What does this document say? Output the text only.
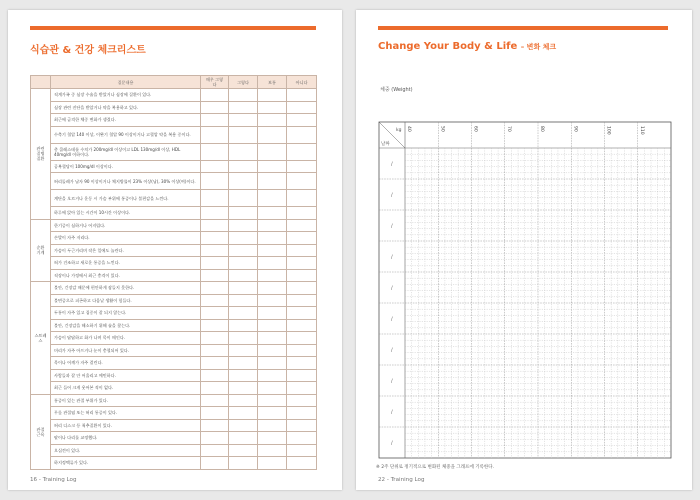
식습관 & 건강 체크리스트
	질문내용	매우 그렇다	그렇다	보통	아니다
관련 질병 질환	직계가족 중 심장 수술을 받았거나 심장에 질환이 있다.				
	심장 관련 진단을 받았거나 약을 복용하고 있다.				
	최근에 급격한 체중 변화가 생겼다.				
	수축기 혈압 140 이상, 이완기 혈압 90 이상이거나 고혈압 약을 복용 중이다.				
	총 콜레스테롤 수치가 200mg/dl 이상이고 LDL 130mg/dl 이상, HDL 40mg/dl 이하이다.				
	공복혈당이 100mg/dl 이상이다.				
	허리둘레가 남자 90 이상이거나 체지방률이 23% 이상(남), 30% 이상(여)이다.				
	계단을 오르거나 운동 시 가슴 부위에 통증이나 불편감을 느낀다.				
	하루에 앉아 있는 시간이 10시간 이상이다.				
순환 기계	한기증이 심하거나 어지럽다.				
	손발이 자주 저리다.				
	가슴이 두근거리며 작은 일에도 놀란다.				
	혀가 건조하고 새로운 통증을 느낀다.				
	직장이나 가정에서 최근 충격이 있다.				
스트레스	불안, 긴장감 때문에 편안하게 잠들지 못한다.				
	불면증으로 피곤하고 다음날 생활이 힘들다.				
	두통이 자주 있고 집중이 잘 되지 않는다.				
	불안, 긴장감을 해소하기 위해 술을 찾는다.				
	가슴이 답답하고 화가 나며 목이 메인다.				
	머리가 자주 아프거나 눈이 충혈되어 있다.				
	목이나 어깨가 자주 결린다.				
	사람들과 잘 안 어울리고 예민하다.				
	최근 들어 크게 웃어본 적이 없다.				
관절 근육	통증이 있는 관절 부위가 있다.				
	무릎 관절염 또는 허리 통증이 있다.				
	허리 디스크 등 척추질환이 있다.				
	팔이나 다리를 교정했다.				
	오십견이 있다.				
	하지정맥류가 있다.				
16 - Training Log
Change Your Body & Life – 변화 체크
체중 (Weight)
kg
날짜
40	50	60	70	80	90	100	110
/
/
/
/
/
/
/
/
/
/
※ 2주 단위로 정기적으로 변화된 체중을 그래프에 기록한다.
22 - Training Log
